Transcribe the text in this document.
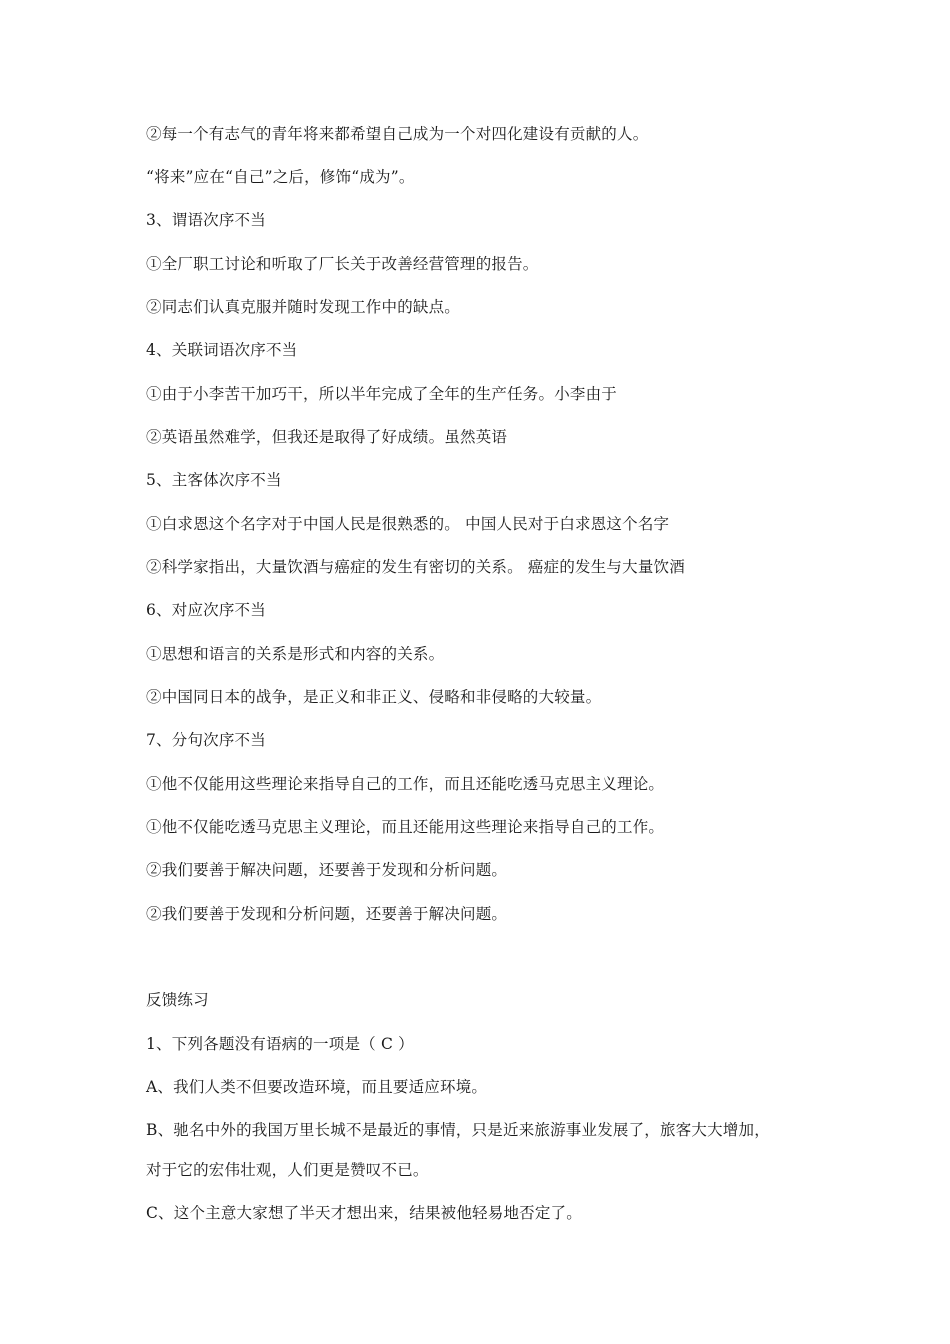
②每一个有志气的青年将来都希望自己成为一个对四化建设有贡献的人。
“将来”应在“自己”之后，修饰“成为”。
3、谓语次序不当
①全厂职工讨论和听取了厂长关于改善经营管理的报告。
②同志们认真克服并随时发现工作中的缺点。
4、关联词语次序不当
①由于小李苦干加巧干，所以半年完成了全年的生产任务。小李由于
②英语虽然难学，但我还是取得了好成绩。虽然英语
5、主客体次序不当
①白求恩这个名字对于中国人民是很熟悉的。 中国人民对于白求恩这个名字
②科学家指出，大量饮酒与癌症的发生有密切的关系。 癌症的发生与大量饮酒
6、对应次序不当
①思想和语言的关系是形式和内容的关系。
②中国同日本的战争，是正义和非正义、侵略和非侵略的大较量。
7、分句次序不当
①他不仅能用这些理论来指导自己的工作，而且还能吃透马克思主义理论。
①他不仅能吃透马克思主义理论，而且还能用这些理论来指导自己的工作。
②我们要善于解决问题，还要善于发现和分析问题。
②我们要善于发现和分析问题，还要善于解决问题。
反馈练习
1、下列各题没有语病的一项是（ C ）
A、我们人类不但要改造环境，而且要适应环境。
B、驰名中外的我国万里长城不是最近的事情，只是近来旅游事业发展了，旅客大大增加，
对于它的宏伟壮观，人们更是赞叹不已。
C、这个主意大家想了半天才想出来，结果被他轻易地否定了。
